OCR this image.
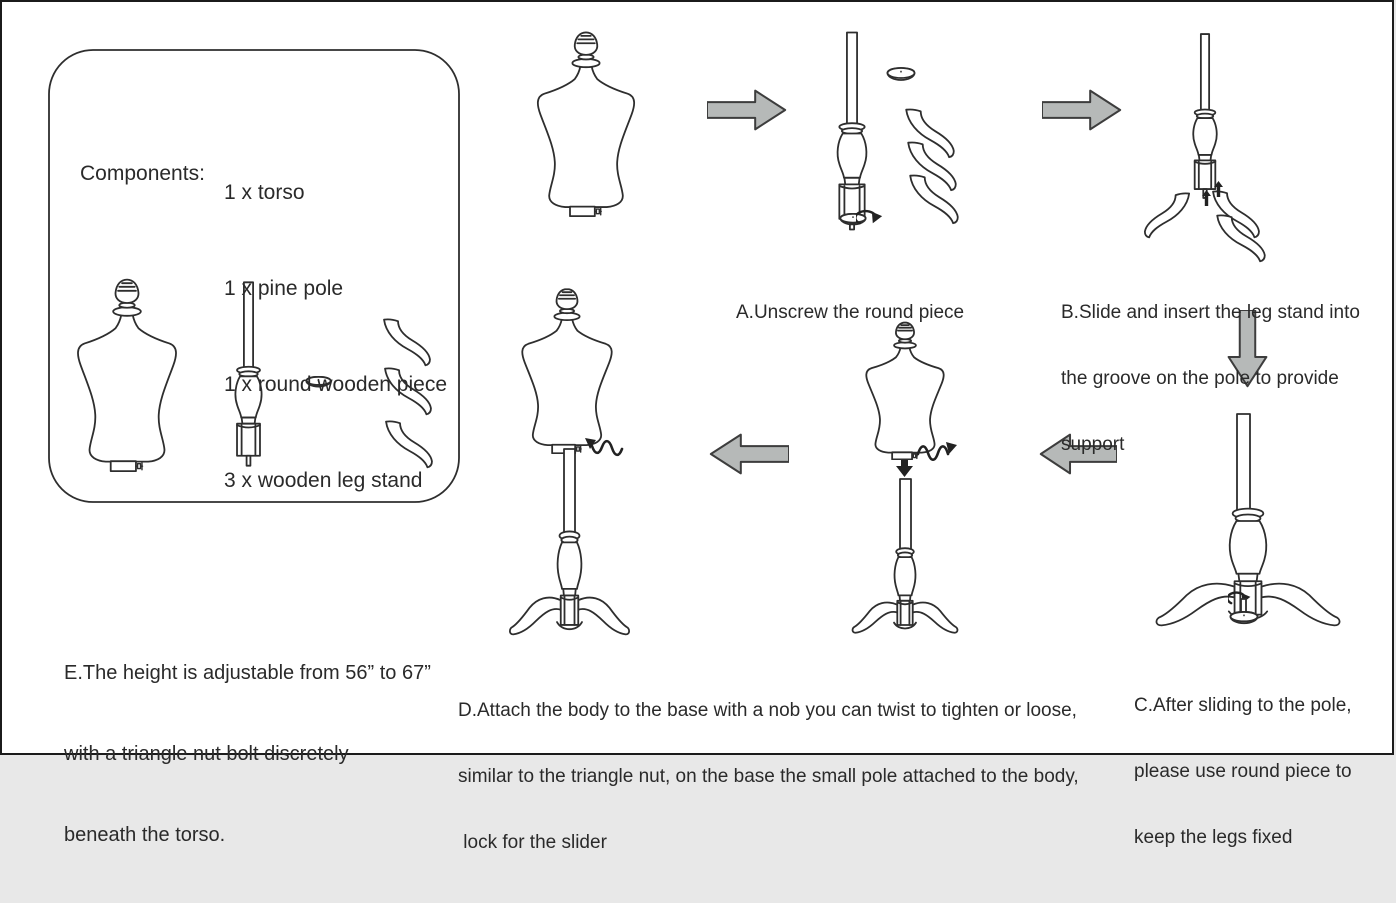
Components:

1 x torso

1 x pine pole

1 x round wooden piece

3 x wooden leg stand

A.Unscrew the round piece

	B.Slide and insert the leg stand into

the groove on the pole to provide

support

C.After sliding to the pole,

please use round piece to

keep the legs fixed

D.Attach the body to the base with a nob you can twist to tighten or loose,

similar to the triangle nut, on the base the small pole attached to the body,

lock for the slider

E.The height is adjustable from 56” to 67”

with a triangle nut bolt discretely

beneath the torso.
